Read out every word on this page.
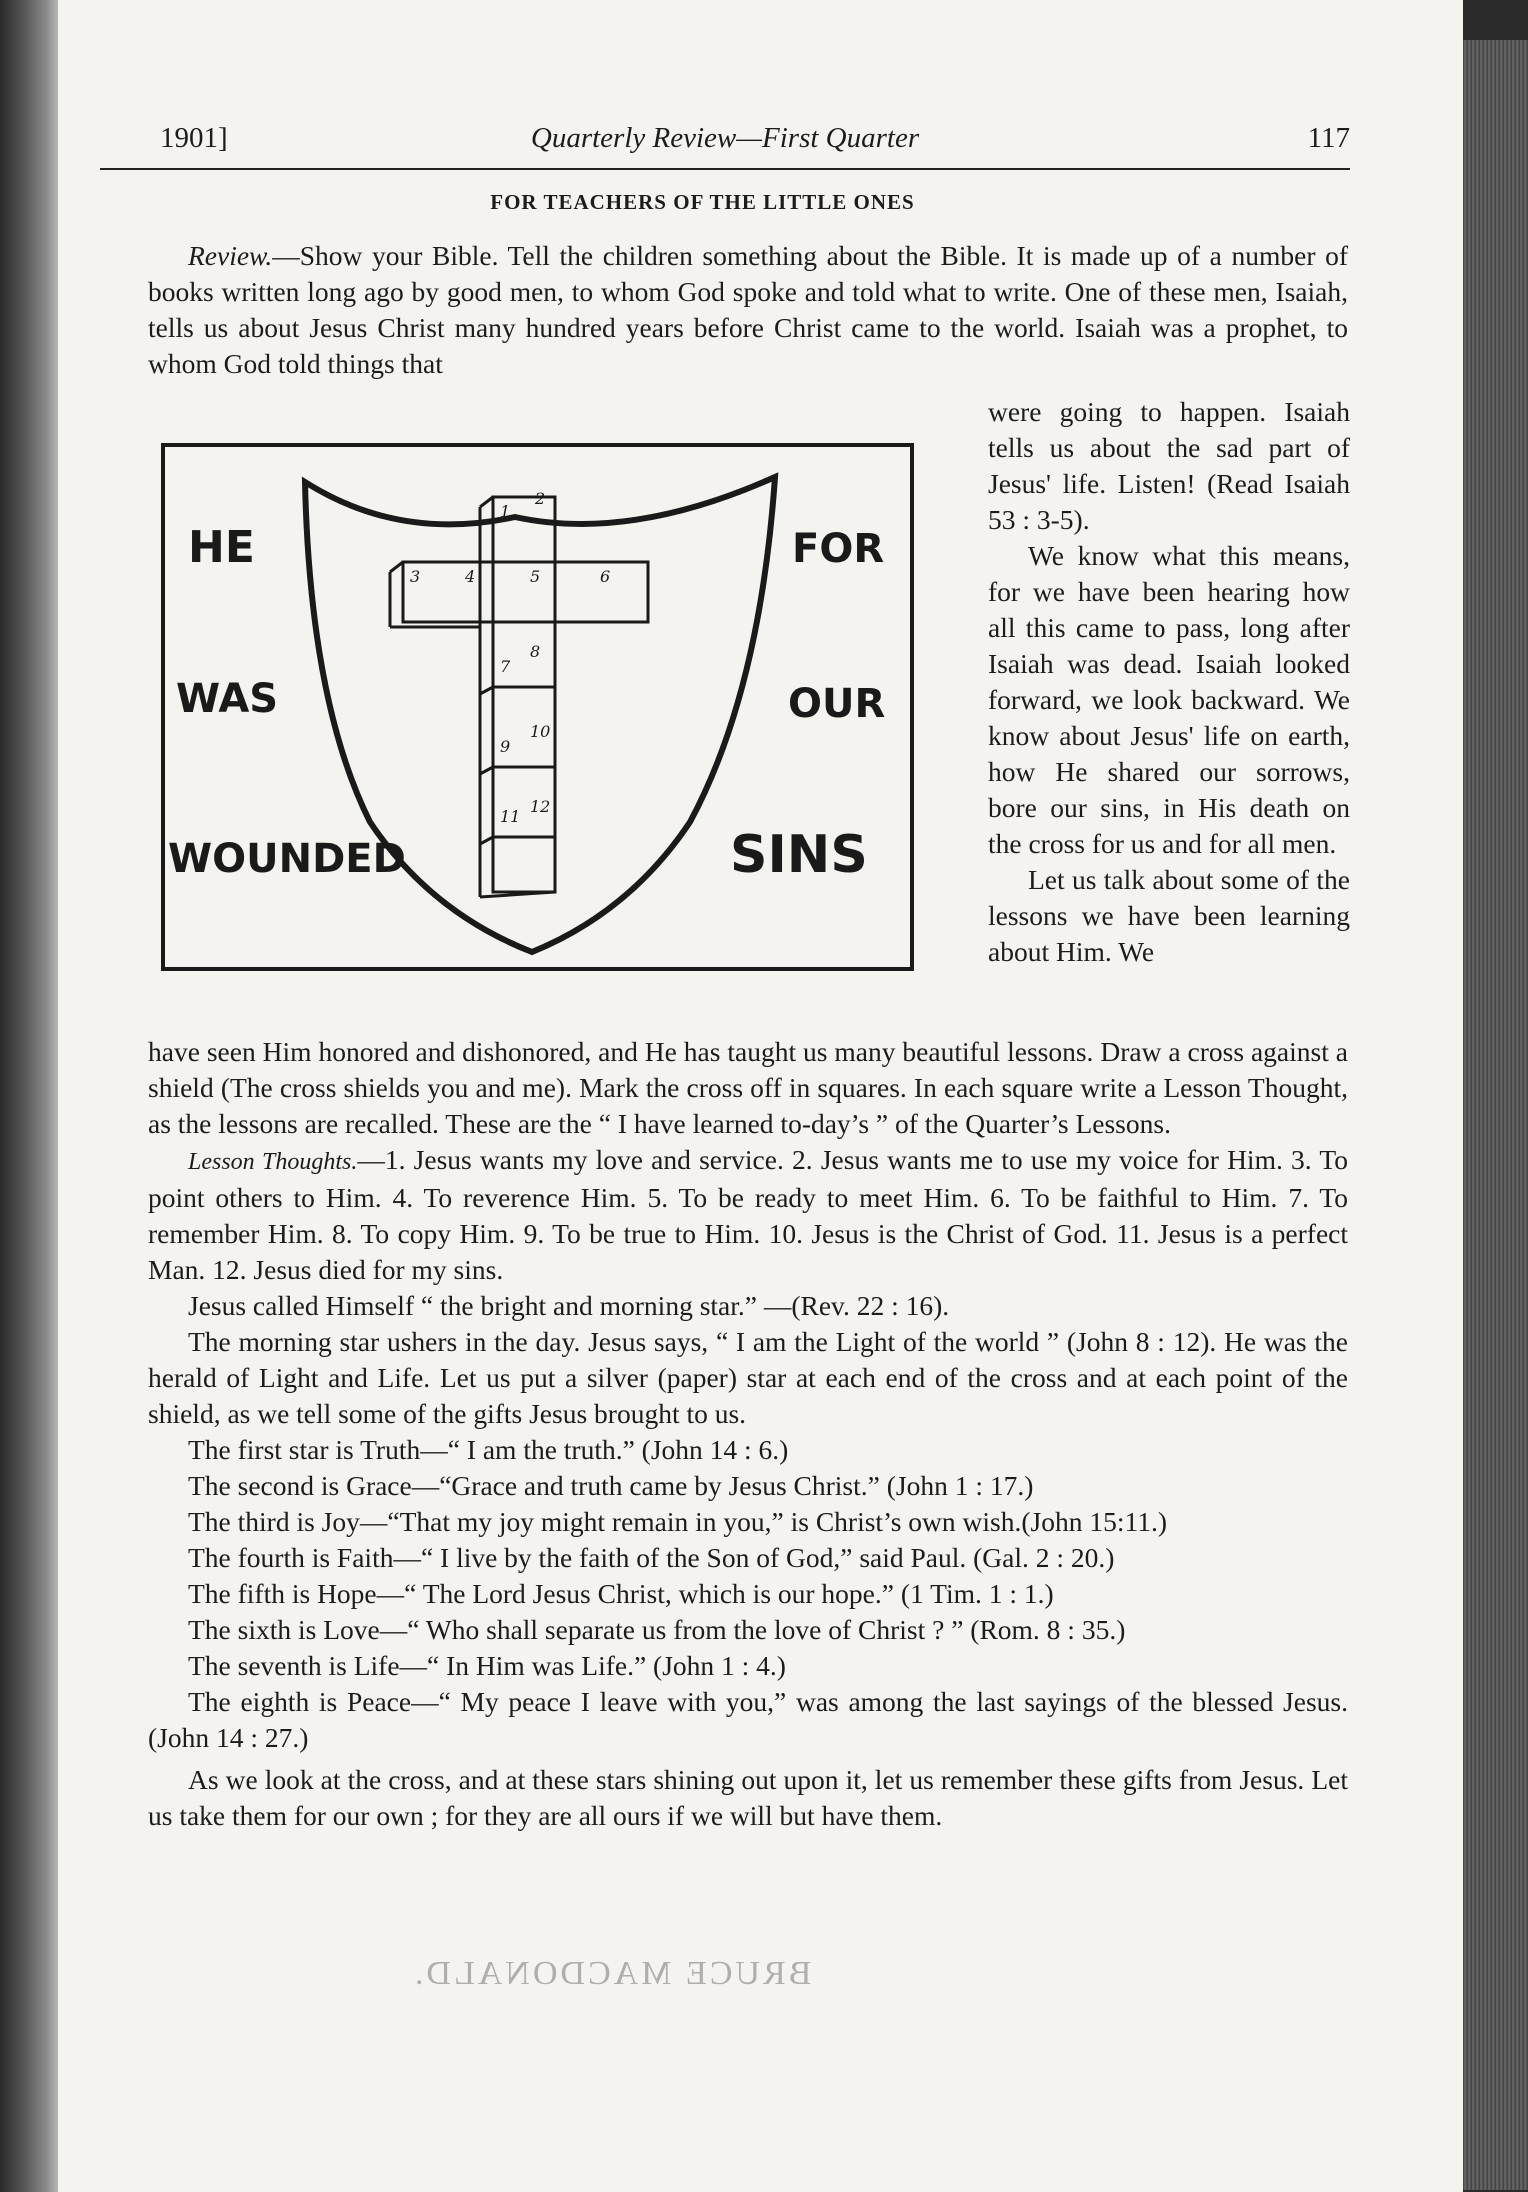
1901]	Quarterly Review—First Quarter	117
FOR TEACHERS OF THE LITTLE ONES

Review.—Show your Bible. Tell the children something about the Bible. It is made up of a number of books written long ago by good men, to whom God spoke and told what to write. One of these men, Isaiah, tells us about Jesus Christ many hundred years before Christ came to the world. Isaiah was a prophet, to whom God told things that

1
2
3	4	5	6
7
8
9
10
11
12
HE
WAS
WOUNDED
FOR
OUR
SINS

were going to happen. Isaiah tells us about the sad part of Jesus' life. Listen! (Read Isaiah 53 : 3-5).

We know what this means, for we have been hearing how all this came to pass, long after Isaiah was dead. Isaiah looked forward, we look backward. We know about Jesus' life on earth, how He shared our sorrows, bore our sins, in His death on the cross for us and for all men.

Let us talk about some of the lessons we have been learning about Him. We

have seen Him honored and dishonored, and He has taught us many beautiful lessons. Draw a cross against a shield (The cross shields you and me). Mark the cross off in squares. In each square write a Lesson Thought, as the lessons are recalled. These are the “ I have learned to-day’s ” of the Quarter’s Lessons.

Lesson Thoughts.—1. Jesus wants my love and service. 2. Jesus wants me to use my voice for Him. 3. To point others to Him. 4. To reverence Him. 5. To be ready to meet Him. 6. To be faithful to Him. 7. To remember Him. 8. To copy Him. 9. To be true to Him. 10. Jesus is the Christ of God. 11. Jesus is a perfect Man. 12. Jesus died for my sins.

Jesus called Himself “ the bright and morning star.” —(Rev. 22 : 16).

The morning star ushers in the day. Jesus says, “ I am the Light of the world ” (John 8 : 12). He was the herald of Light and Life. Let us put a silver (paper) star at each end of the cross and at each point of the shield, as we tell some of the gifts Jesus brought to us.

The first star is Truth—“ I am the truth.” (John 14 : 6.)

The second is Grace—“Grace and truth came by Jesus Christ.” (John 1 : 17.)

The third is Joy—“That my joy might remain in you,” is Christ’s own wish.(John 15:11.)

The fourth is Faith—“ I live by the faith of the Son of God,” said Paul. (Gal. 2 : 20.)

The fifth is Hope—“ The Lord Jesus Christ, which is our hope.” (1 Tim. 1 : 1.)

The sixth is Love—“ Who shall separate us from the love of Christ ? ” (Rom. 8 : 35.)

The seventh is Life—“ In Him was Life.” (John 1 : 4.)

The eighth is Peace—“ My peace I leave with you,” was among the last sayings of the blessed Jesus. (John 14 : 27.)

As we look at the cross, and at these stars shining out upon it, let us remember these gifts from Jesus. Let us take them for our own ; for they are all ours if we will but have them.

BRUCE MACDONALD.
